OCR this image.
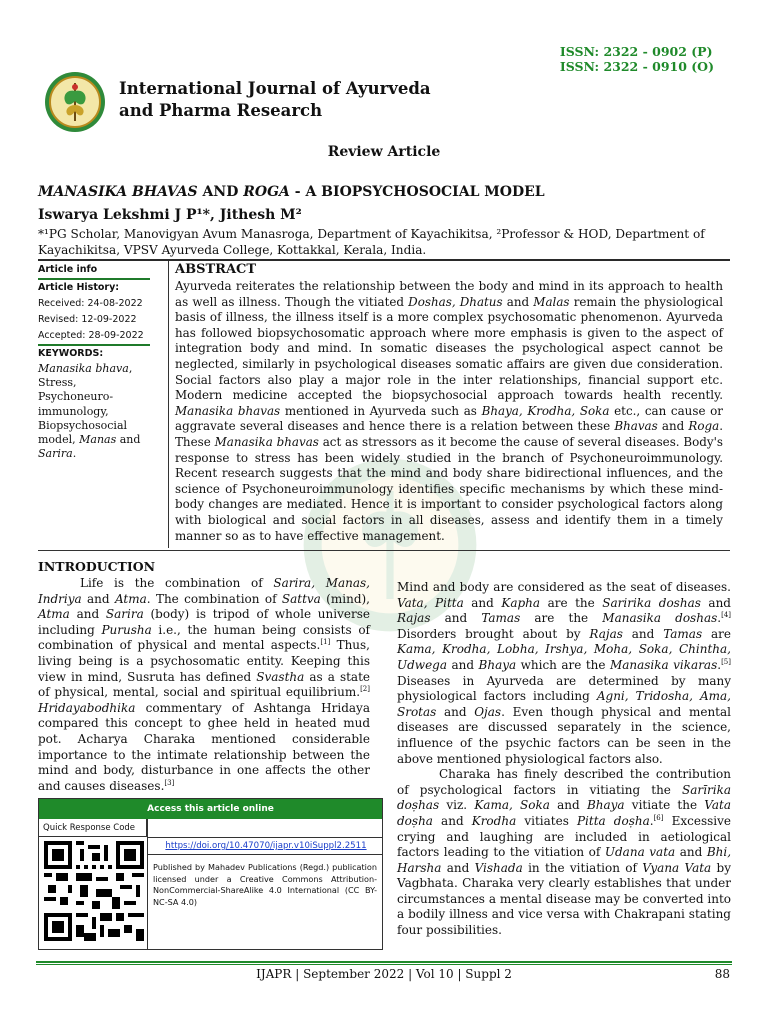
ISSN: 2322 - 0902 (P)
ISSN: 2322 - 0910 (O)
International Journal of Ayurveda
and Pharma Research
Review Article
MANASIKA BHAVAS AND ROGA - A BIOPSYCHOSOCIAL MODEL
Iswarya Lekshmi J P¹*, Jithesh M²
*¹PG Scholar, Manovigyan Avum Manasroga, Department of Kayachikitsa, ²Professor & HOD, Department of Kayachikitsa, VPSV Ayurveda College, Kottakkal, Kerala, India.
Article info
Article History:
Received: 24-08-2022
Revised: 12-09-2022
Accepted: 28-09-2022
KEYWORDS:
Manasika bhava,
Stress,
Psychoneuro-
immunology,
Biopsychosocial
model, Manas and
Sarira.
ABSTRACT
Ayurveda reiterates the relationship between the body and mind in its approach to health as well as illness. Though the vitiated Doshas, Dhatus and Malas remain the physiological basis of illness, the illness itself is a more complex psychosomatic phenomenon. Ayurveda has followed biopsychosomatic approach where more emphasis is given to the aspect of integration body and mind. In somatic diseases the psychological aspect cannot be neglected, similarly in psychological diseases somatic affairs are given due consideration. Social factors also play a major role in the inter relationships, financial support etc. Modern medicine accepted the biopsychosocial approach towards health recently. Manasika bhavas mentioned in Ayurveda such as Bhaya, Krodha, Soka etc., can cause or aggravate several diseases and hence there is a relation between these Bhavas and Roga. These Manasika bhavas act as stressors as it become the cause of several diseases. Body's response to stress has been widely studied in the branch of Psychoneuroimmunology. Recent research suggests that the mind and body share bidirectional influences, and the science of Psychoneuroimmunology identifies specific mechanisms by which these mind-body changes are mediated. Hence it is important to consider psychological factors along with biological and social factors in all diseases, assess and identify them in a timely manner so as to have effective management.
INTRODUCTION
Life is the combination of Sarira, Manas, Indriya and Atma. The combination of Sattva (mind), Atma and Sarira (body) is tripod of whole universe including Purusha i.e., the human being consists of combination of physical and mental aspects.[1] Thus, living being is a psychosomatic entity. Keeping this view in mind, Susruta has defined Svastha as a state of physical, mental, social and spiritual equilibrium.[2] Hridayabodhika commentary of Ashtanga Hridaya compared this concept to ghee held in heated mud pot. Acharya Charaka mentioned considerable importance to the intimate relationship between the mind and body, disturbance in one affects the other and causes diseases.[3]
Mind and body are considered as the seat of diseases. Vata, Pitta and Kapha are the Saririka doshas and Rajas and Tamas are the Manasika doshas.[4] Disorders brought about by Rajas and Tamas are Kama, Krodha, Lobha, Irshya, Moha, Soka, Chintha, Udwega and Bhaya which are the Manasika vikaras.[5] Diseases in Ayurveda are determined by many physiological factors including Agni, Tridosha, Ama, Srotas and Ojas. Even though physical and mental diseases are discussed separately in the science, influence of the psychic factors can be seen in the above mentioned physiological factors also.
Charaka has finely described the contribution of psychological factors in vitiating the Sarīrika doṣhas viz. Kama, Soka and Bhaya vitiate the Vata doṣha and Krodha vitiates Pitta doṣha.[6] Excessive crying and laughing are included in aetiological factors leading to the vitiation of Udana vata and Bhi, Harsha and Vishada in the vitiation of Vyana Vata by Vagbhata. Charaka very clearly establishes that under circumstances a mental disease may be converted into a bodily illness and vice versa with Chakrapani stating four possibilities.
Access this article online
Quick Response Code
https://doi.org/10.47070/ijapr.v10iSuppl2.2511
Published by Mahadev Publications (Regd.) publication licensed under a Creative Commons Attribution-NonCommercial-ShareAlike 4.0 International (CC BY-NC-SA 4.0)
IJAPR | September 2022 | Vol 10 | Suppl 2	88
